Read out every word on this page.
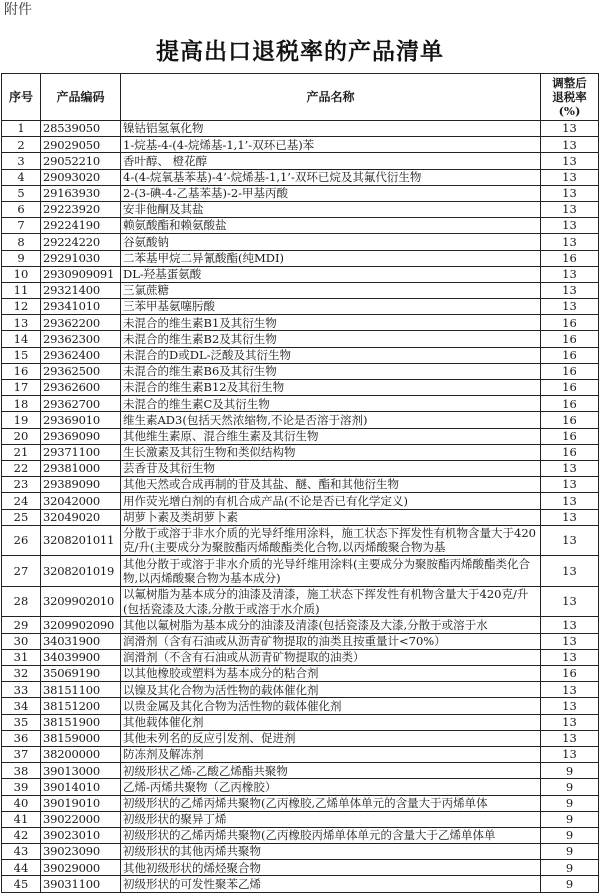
附件
提高出口退税率的产品清单
序号	产品编码	产品名称	调整后
退税率
(%)

1	28539050	镍钴铝氢氧化物	13
2	29029050	1-烷基-4-(4-烷烯基-1,1’-双环已基)苯	13
3	29052210	香叶醇、 橙花醇	13
4	29093020	4-(4-烷氧基苯基)-4’-烷烯基-1,1’-双环已烷及其氟代衍生物	13
5	29163930	2-(3-碘-4-乙基苯基)-2-甲基丙酸	13
6	29223920	安非他酮及其盐	13
7	29224190	赖氨酸酯和赖氨酸盐	13
8	29224220	谷氨酸钠	13
9	29291030	二苯基甲烷二异氰酸酯(纯MDI)	16
10	2930909091	DL-羟基蛋氨酸	13
11	29321400	三氯蔗糖	13
12	29341010	三苯甲基氨噻肟酸	13
13	29362200	未混合的维生素B1及其衍生物	16
14	29362300	未混合的维生素B2及其衍生物	16
15	29362400	未混合的D或DL-泛酸及其衍生物	16
16	29362500	未混合的维生素B6及其衍生物	16
17	29362600	未混合的维生素B12及其衍生物	16
18	29362700	未混合的维生素C及其衍生物	16
19	29369010	维生素AD3(包括天然浓缩物,不论是否溶于溶剂)	16
20	29369090	其他维生素原、混合维生素及其衍生物	16
21	29371100	生长激素及其衍生物和类似结构物	16
22	29381000	芸香苷及其衍生物	13
23	29389090	其他天然或合成再制的苷及其盐、醚、酯和其他衍生物	13
24	32042000	用作荧光增白剂的有机合成产品(不论是否已有化学定义)	13
25	32049020	胡萝卜素及类胡萝卜素	13
26	3208201011	分散于或溶于非水介质的光导纤维用涂料，施工状态下挥发性有机物含量大于420克/升(主要成分为聚胺酯丙烯酸酯类化合物,以丙烯酸聚合物为基	13
27	3208201019	其他分散于或溶于非水介质的光导纤维用涂料(主要成分为聚胺酯丙烯酸酯类化合物,以丙烯酸聚合物为基本成分)	13
28	3209902010	以氟树脂为基本成分的油漆及清漆，施工状态下挥发性有机物含量大于420克/升(包括瓷漆及大漆,分散于或溶于水介质)	13
29	3209902090	其他以氟树脂为基本成分的油漆及清漆(包括瓷漆及大漆,分散于或溶于水	13
30	34031900	润滑剂（含有石油或从沥青矿物提取的油类且按重量计<70%）	13
31	34039900	润滑剂（不含有石油或从沥青矿物提取的油类）	13
32	35069190	以其他橡胶或塑料为基本成分的粘合剂	16
33	38151100	以镍及其化合物为活性物的载体催化剂	13
34	38151200	以贵金属及其化合物为活性物的载体催化剂	13
35	38151900	其他载体催化剂	13
36	38159000	其他未列名的反应引发剂、促进剂	13
37	38200000	防冻剂及解冻剂	13
38	39013000	初级形状乙烯-乙酸乙烯酯共聚物	9
39	39014010	乙烯-丙烯共聚物（乙丙橡胶）	9
40	39019010	初级形状的乙烯丙烯共聚物(乙丙橡胶,乙烯单体单元的含量大于丙烯单体	9
41	39022000	初级形状的聚异丁烯	9
42	39023010	初级形状的乙烯丙烯共聚物(乙丙橡胶丙烯单体单元的含量大于乙烯单体单	9
43	39023090	初级形状的其他丙烯共聚物	9
44	39029000	其他初级形状的烯烃聚合物	9
45	39031100	初级形状的可发性聚苯乙烯	9
